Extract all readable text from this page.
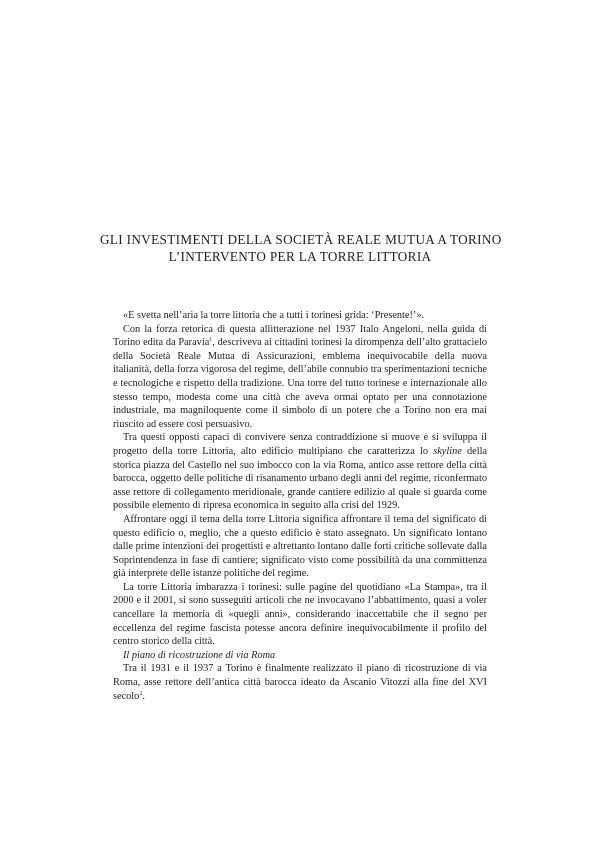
GLI INVESTIMENTI DELLA SOCIETÀ REALE MUTUA A TORINO
L’INTERVENTO PER LA TORRE LITTORIA

«E svetta nell’aria la torre littoria che a tutti i torinesi grida: ‘Presente!’».

Con la forza retorica di questa allitterazione nel 1937 Italo Angeloni, nella guida di Torino edita da Paravia$^1$, descriveva ai cittadini torinesi la dirompenza dell’alto grattacielo della Società Reale Mutua di Assicurazioni, emblema inequivocabile della nuova italianità, della forza vigorosa del regime, dell’abile connubio tra sperimentazioni tecniche e tecnologiche e rispetto della tradizione. Una torre del tutto torinese e internazionale allo stesso tempo, modesta come una città che aveva ormai optato per una connotazione industriale, ma magniloquente come il simbolo di un potere che a Torino non era mai riuscito ad essere così persuasivo.

Tra questi opposti capaci di convivere senza contraddizione si muove e si sviluppa il progetto della torre Littoria, alto edificio multipiano che caratterizza lo skyline della storica piazza del Castello nel suo imbocco con la via Roma, antico asse rettore della città barocca, oggetto delle politiche di risanamento urbano degli anni del regime, riconfermato asse rettore di collegamento meridionale, grande cantiere edilizio al quale si guarda come possibile elemento di ripresa economica in seguito alla crisi del 1929.

Affrontare oggi il tema della torre Littoria significa affrontare il tema del significato di questo edificio o, meglio, che a questo edificio è stato assegnato. Un significato lontano dalle prime intenzioni dei progettisti e altrettanto lontano dalle forti critiche sollevate dalla Soprintendenza in fase di cantiere; significato visto come possibilità da una committenza già interprete delle istanze politiche del regime.

La torre Littoria imbarazza i torinesi: sulle pagine del quotidiano «La Stampa», tra il 2000 e il 2001, si sono susseguiti articoli che ne invocavano l’abbattimento, quasi a voler cancellare la memoria di «quegli anni», considerando inaccettabile che il segno per eccellenza del regime fascista potesse ancora definire inequivocabilmente il profilo del centro storico della città.

Il piano di ricostruzione di via Roma

Tra il 1931 e il 1937 a Torino è finalmente realizzato il piano di ricostruzione di via Roma, asse rettore dell’antica città barocca ideato da Ascanio Vitozzi alla fine del XVI secolo$^2$.
